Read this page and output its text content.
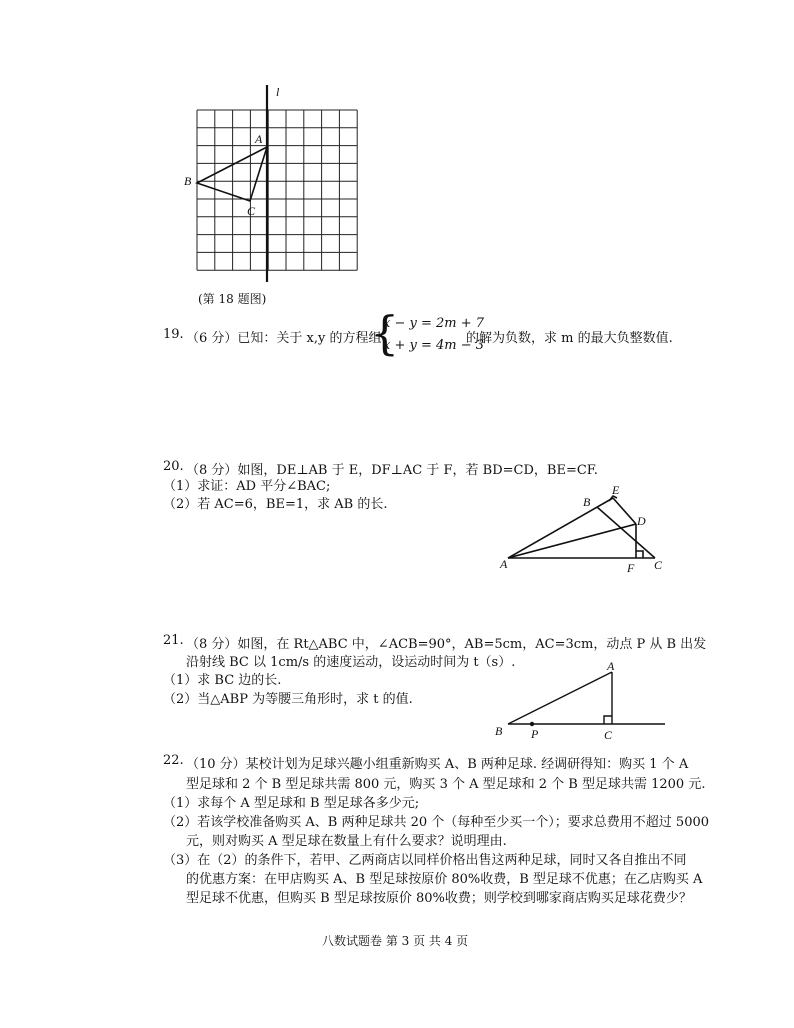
l
A
B
C
(第 18 题图)
19. （6 分）已知：关于 x,y 的方程组
{
x − y = 2m + 7
x + y = 4m − 3
的解为负数，求 m 的最大负整数值.
20. （8 分）如图，DE⊥AB 于 E，DF⊥AC 于 F，若 BD=CD，BE=CF.
（1）求证：AD 平分∠BAC;
（2）若 AC=6，BE=1，求 AB 的长.
E
B
D
A	F C
21. （8 分）如图，在 Rt△ABC 中，∠ACB=90°，AB=5cm，AC=3cm，动点 P 从 B 出发
沿射线 BC 以 1cm/s 的速度运动，设运动时间为 t（s）.
（1）求 BC 边的长.
（2）当△ABP 为等腰三角形时，求 t 的值.
A
B P	C
22. （10 分）某校计划为足球兴趣小组重新购买 A、B 两种足球. 经调研得知：购买 1 个 A
型足球和 2 个 B 型足球共需 800 元，购买 3 个 A 型足球和 2 个 B 型足球共需 1200 元.
（1）求每个 A 型足球和 B 型足球各多少元;
（2）若该学校准备购买 A、B 两种足球共 20 个（每种至少买一个）；要求总费用不超过 5000
元，则对购买 A 型足球在数量上有什么要求？说明理由.
（3）在（2）的条件下，若甲、乙两商店以同样价格出售这两种足球，同时又各自推出不同
的优惠方案：在甲店购买 A、B 型足球按原价 80%收费，B 型足球不优惠；在乙店购买 A
型足球不优惠，但购买 B 型足球按原价 80%收费；则学校到哪家商店购买足球花费少？
八数试题卷 第 3 页 共 4 页
